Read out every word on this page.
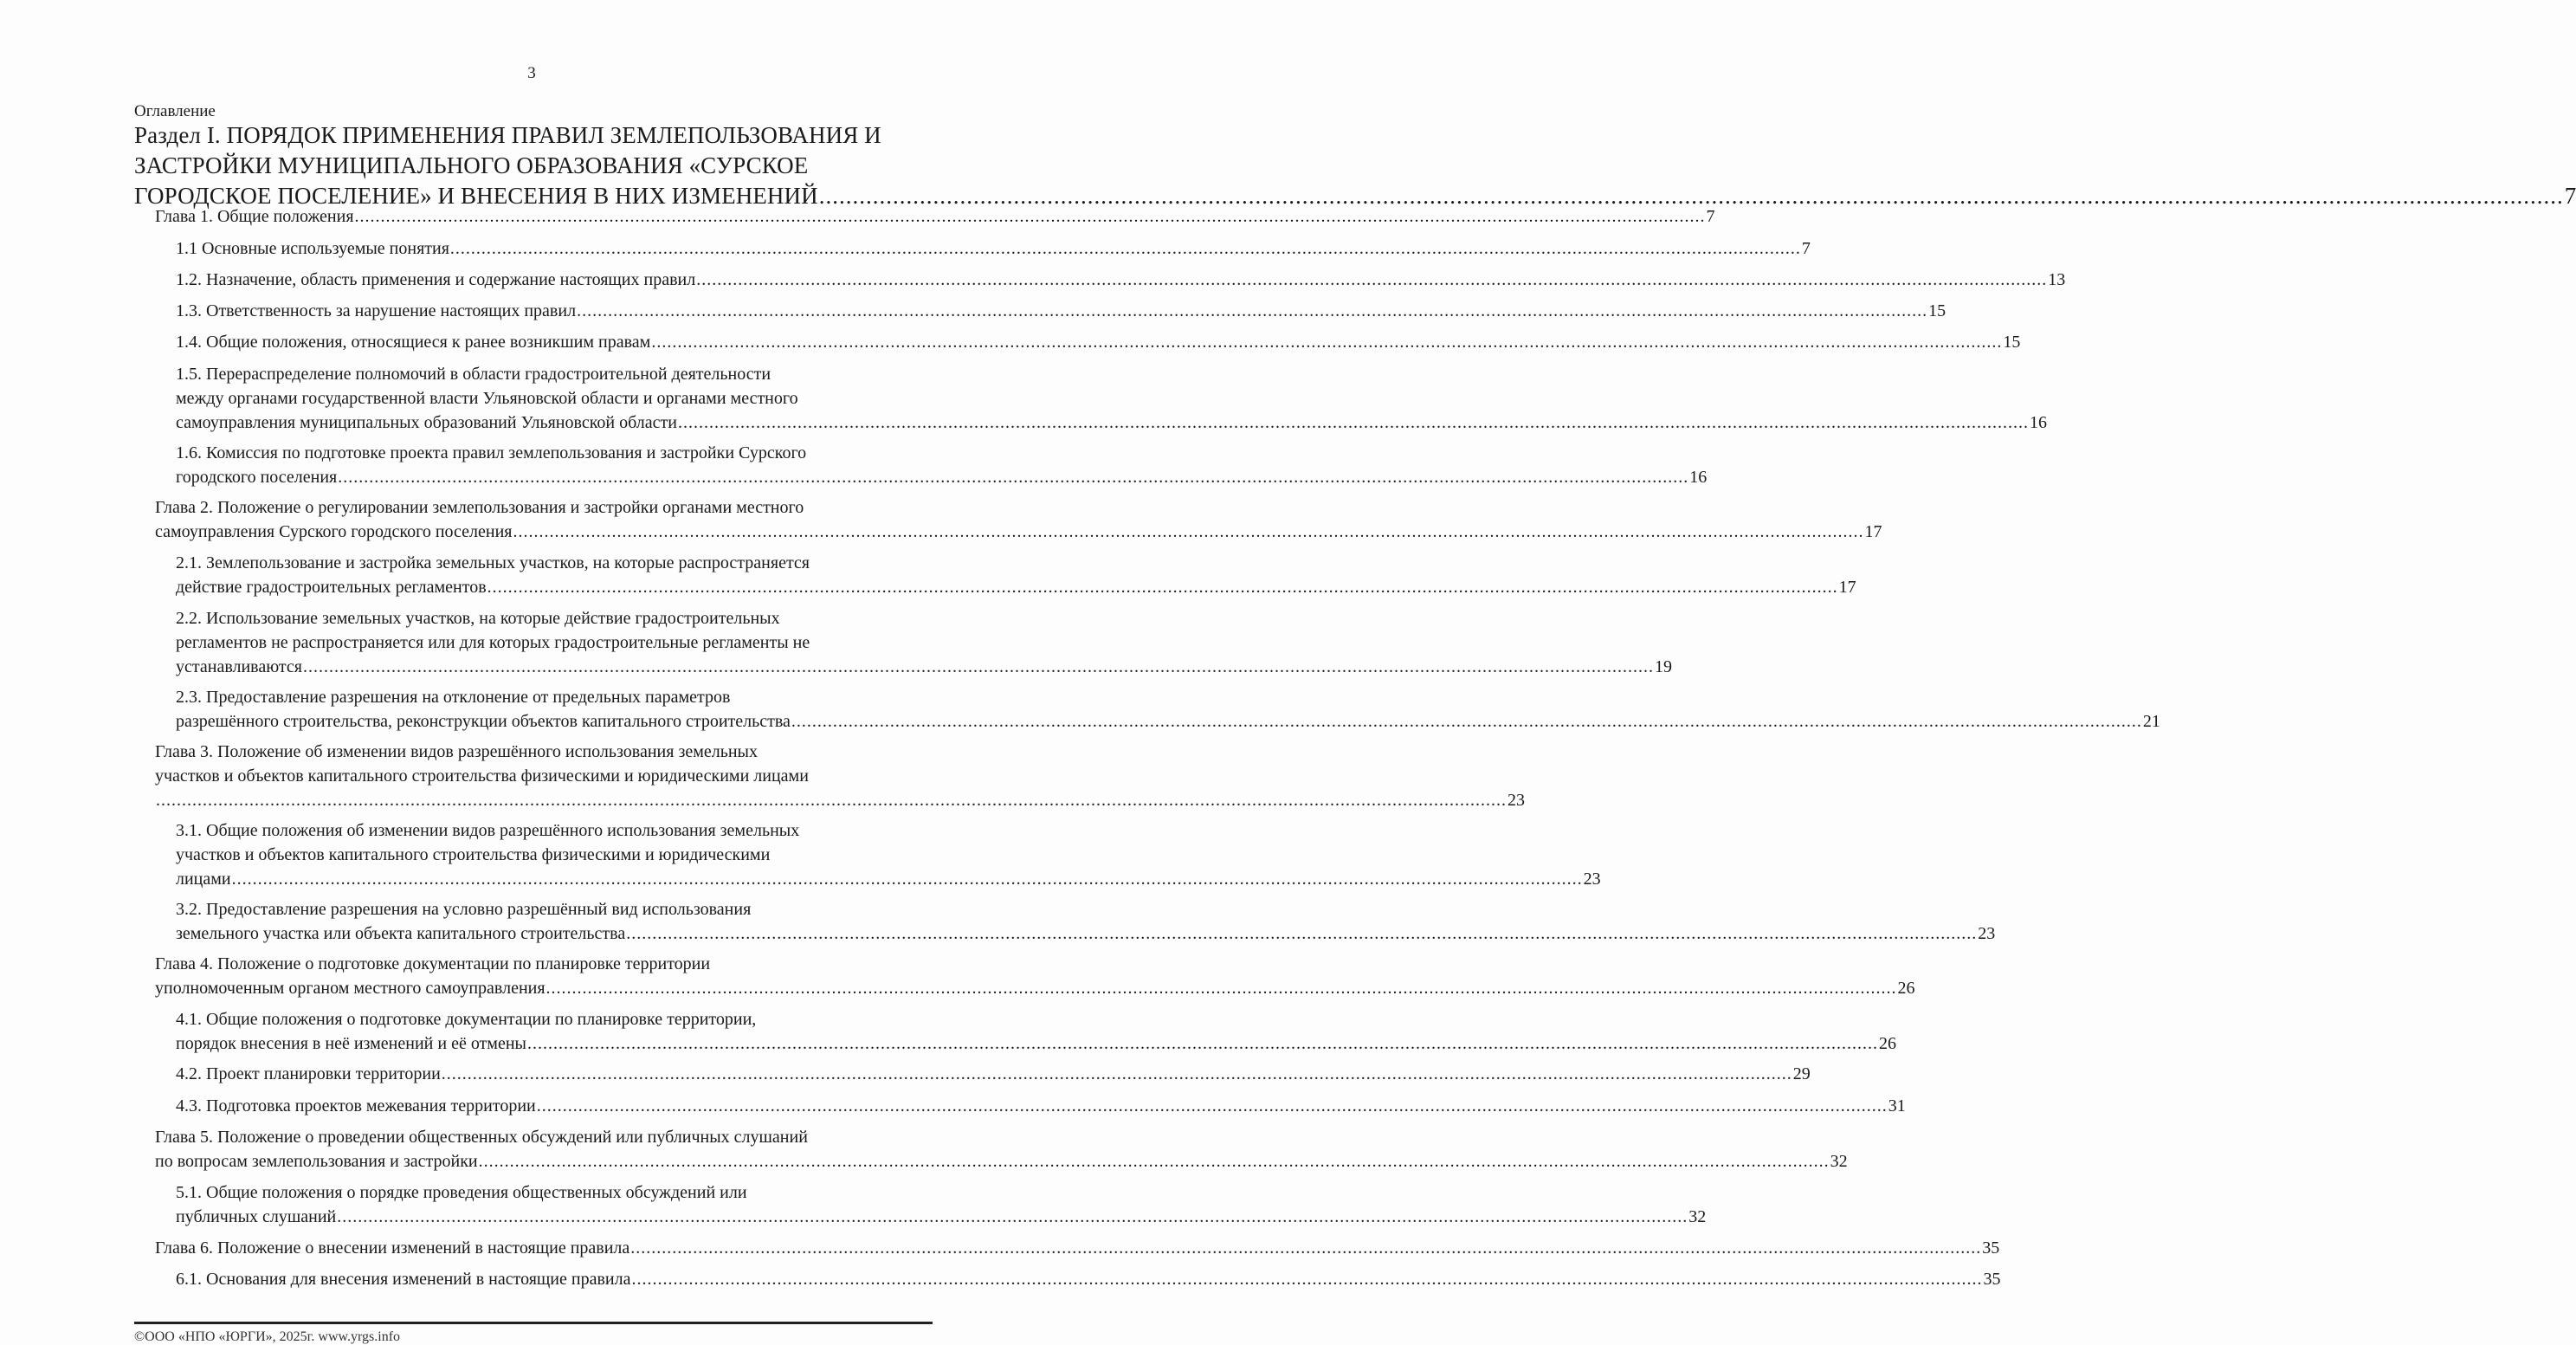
3
Оглавление
Раздел I. ПОРЯДОК ПРИМЕНЕНИЯ ПРАВИЛ ЗЕМЛЕПОЛЬЗОВАНИЯ И
ЗАСТРОЙКИ МУНИЦИПАЛЬНОГО ОБРАЗОВАНИЯ «СУРСКОЕ
ГОРОДСКОЕ ПОСЕЛЕНИЕ» И ВНЕСЕНИЯ В НИХ ИЗМЕНЕНИЙ .................................................................................................................................................................................................................................................................... 7
Глава 1. Общие положения .................................................................................................................................................................................................................................................................... 7
1.1 Основные используемые понятия .................................................................................................................................................................................................................................................................... 7
1.2. Назначение, область применения и содержание настоящих правил .................................................................................................................................................................................................................................................................... 13
1.3. Ответственность за нарушение настоящих правил .................................................................................................................................................................................................................................................................... 15
1.4. Общие положения, относящиеся к ранее возникшим правам .................................................................................................................................................................................................................................................................... 15
1.5. Перераспределение полномочий в области градостроительной деятельности
между органами государственной власти Ульяновской области и органами местного
самоуправления муниципальных образований Ульяновской области .................................................................................................................................................................................................................................................................... 16
1.6. Комиссия по подготовке проекта правил землепользования и застройки Сурского
городского поселения .................................................................................................................................................................................................................................................................... 16
Глава 2. Положение о регулировании землепользования и застройки органами местного
самоуправления Сурского городского поселения .................................................................................................................................................................................................................................................................... 17
2.1. Землепользование и застройка земельных участков, на которые распространяется
действие градостроительных регламентов .................................................................................................................................................................................................................................................................... 17
2.2. Использование земельных участков, на которые действие градостроительных
регламентов не распространяется или для которых градостроительные регламенты не
устанавливаются .................................................................................................................................................................................................................................................................... 19
2.3. Предоставление разрешения на отклонение от предельных параметров
разрешённого строительства, реконструкции объектов капитального строительства .................................................................................................................................................................................................................................................................... 21
Глава 3. Положение об изменении видов разрешённого использования земельных
участков и объектов капитального строительства физическими и юридическими лицами
.................................................................................................................................................................................................................................................................... 23
3.1. Общие положения об изменении видов разрешённого использования земельных
участков и объектов капитального строительства физическими и юридическими
лицами .................................................................................................................................................................................................................................................................... 23
3.2. Предоставление разрешения на условно разрешённый вид использования
земельного участка или объекта капитального строительства .................................................................................................................................................................................................................................................................... 23
Глава 4. Положение о подготовке документации по планировке территории
уполномоченным органом местного самоуправления .................................................................................................................................................................................................................................................................... 26
4.1. Общие положения о подготовке документации по планировке территории,
порядок внесения в неё изменений и её отмены .................................................................................................................................................................................................................................................................... 26
4.2. Проект планировки территории .................................................................................................................................................................................................................................................................... 29
4.3. Подготовка проектов межевания территории .................................................................................................................................................................................................................................................................... 31
Глава 5. Положение о проведении общественных обсуждений или публичных слушаний
по вопросам землепользования и застройки .................................................................................................................................................................................................................................................................... 32
5.1. Общие положения о порядке проведения общественных обсуждений или
публичных слушаний .................................................................................................................................................................................................................................................................... 32
Глава 6. Положение о внесении изменений в настоящие правила .................................................................................................................................................................................................................................................................... 35
6.1. Основания для внесения изменений в настоящие правила .................................................................................................................................................................................................................................................................... 35
©ООО «НПО «ЮРГИ», 2025г. www.yrgs.info
